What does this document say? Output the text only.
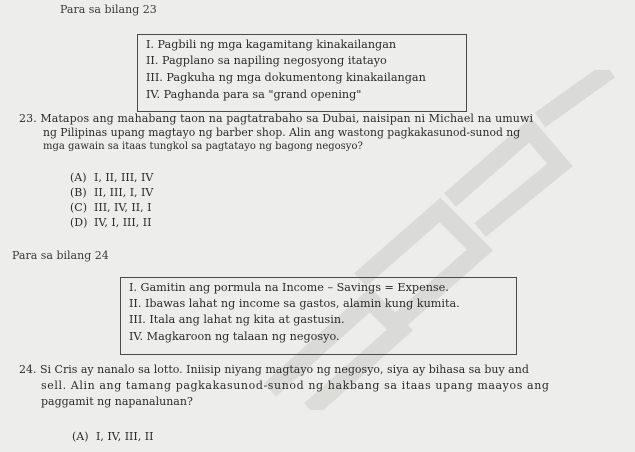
Para sa bilang 23
I. Pagbili ng mga kagamitang kinakailangan
II. Pagplano sa napiling negosyong itatayo
III. Pagkuha ng mga dokumentong kinakailangan
IV. Paghanda para sa "grand opening"
23. Matapos ang mahabang taon na pagtatrabaho sa Dubai, naisipan ni Michael na umuwi
ng Pilipinas upang magtayo ng barber shop. Alin ang wastong pagkakasunod-sunod ng
mga gawain sa itaas tungkol sa pagtatayo ng bagong negosyo?
(A) I, II, III, IV
(B) II, III, I, IV
(C) III, IV, II, I
(D) IV, I, III, II
Para sa bilang 24
I. Gamitin ang pormula na Income – Savings = Expense.
II. Ibawas lahat ng income sa gastos, alamin kung kumita.
III. Itala ang lahat ng kita at gastusin.
IV. Magkaroon ng talaan ng negosyo.
24. Si Cris ay nanalo sa lotto. Iniisip niyang magtayo ng negosyo, siya ay bihasa sa buy and
sell. Alin ang tamang pagkakasunod-sunod ng hakbang sa itaas upang maayos ang
paggamit ng napanalunan?
(A) I, IV, III, II
